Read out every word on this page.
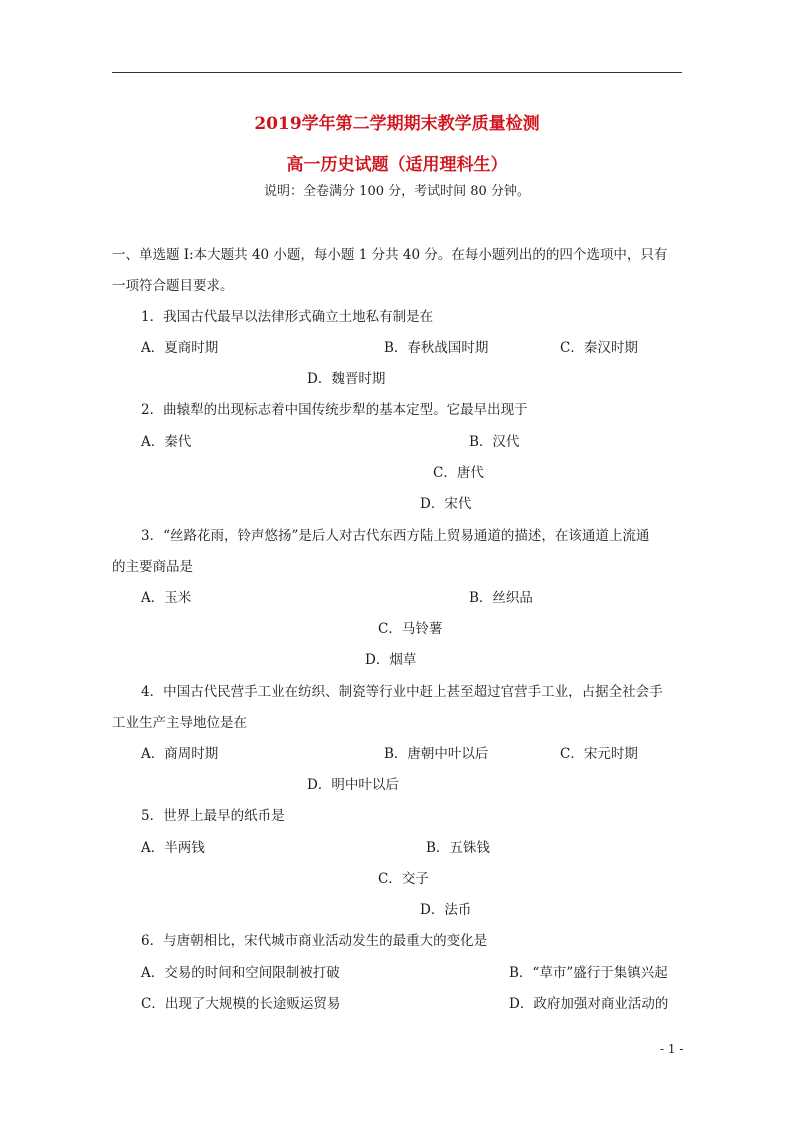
2019学年第二学期期末教学质量检测
高一历史试题（适用理科生）
说明：全卷满分 100 分，考试时间 80 分钟。
一、单选题 I:本大题共 40 小题，每小题 1 分共 40 分。在每小题列出的的四个选项中，只有
一项符合题目要求。
1．我国古代最早以法律形式确立土地私有制是在
A．夏商时期	B．春秋战国时期	C．秦汉时期
D．魏晋时期
2．曲辕犁的出现标志着中国传统步犁的基本定型。它最早出现于
A．秦代	B．汉代
C．唐代
D．宋代
3．“丝路花雨，铃声悠扬”是后人对古代东西方陆上贸易通道的描述，在该通道上流通
的主要商品是
A．玉米	B．丝织品
C．马铃薯
D．烟草
4．中国古代民营手工业在纺织、制瓷等行业中赶上甚至超过官营手工业，占据全社会手
工业生产主导地位是在
A．商周时期	B．唐朝中叶以后	C．宋元时期
D．明中叶以后
5．世界上最早的纸币是
A．半两钱	B．五铢钱
C．交子
D．法币
6．与唐朝相比，宋代城市商业活动发生的最重大的变化是
A．交易的时间和空间限制被打破	B．“草市”盛行于集镇兴起
C．出现了大规模的长途贩运贸易	D．政府加强对商业活动的
- 1 -
